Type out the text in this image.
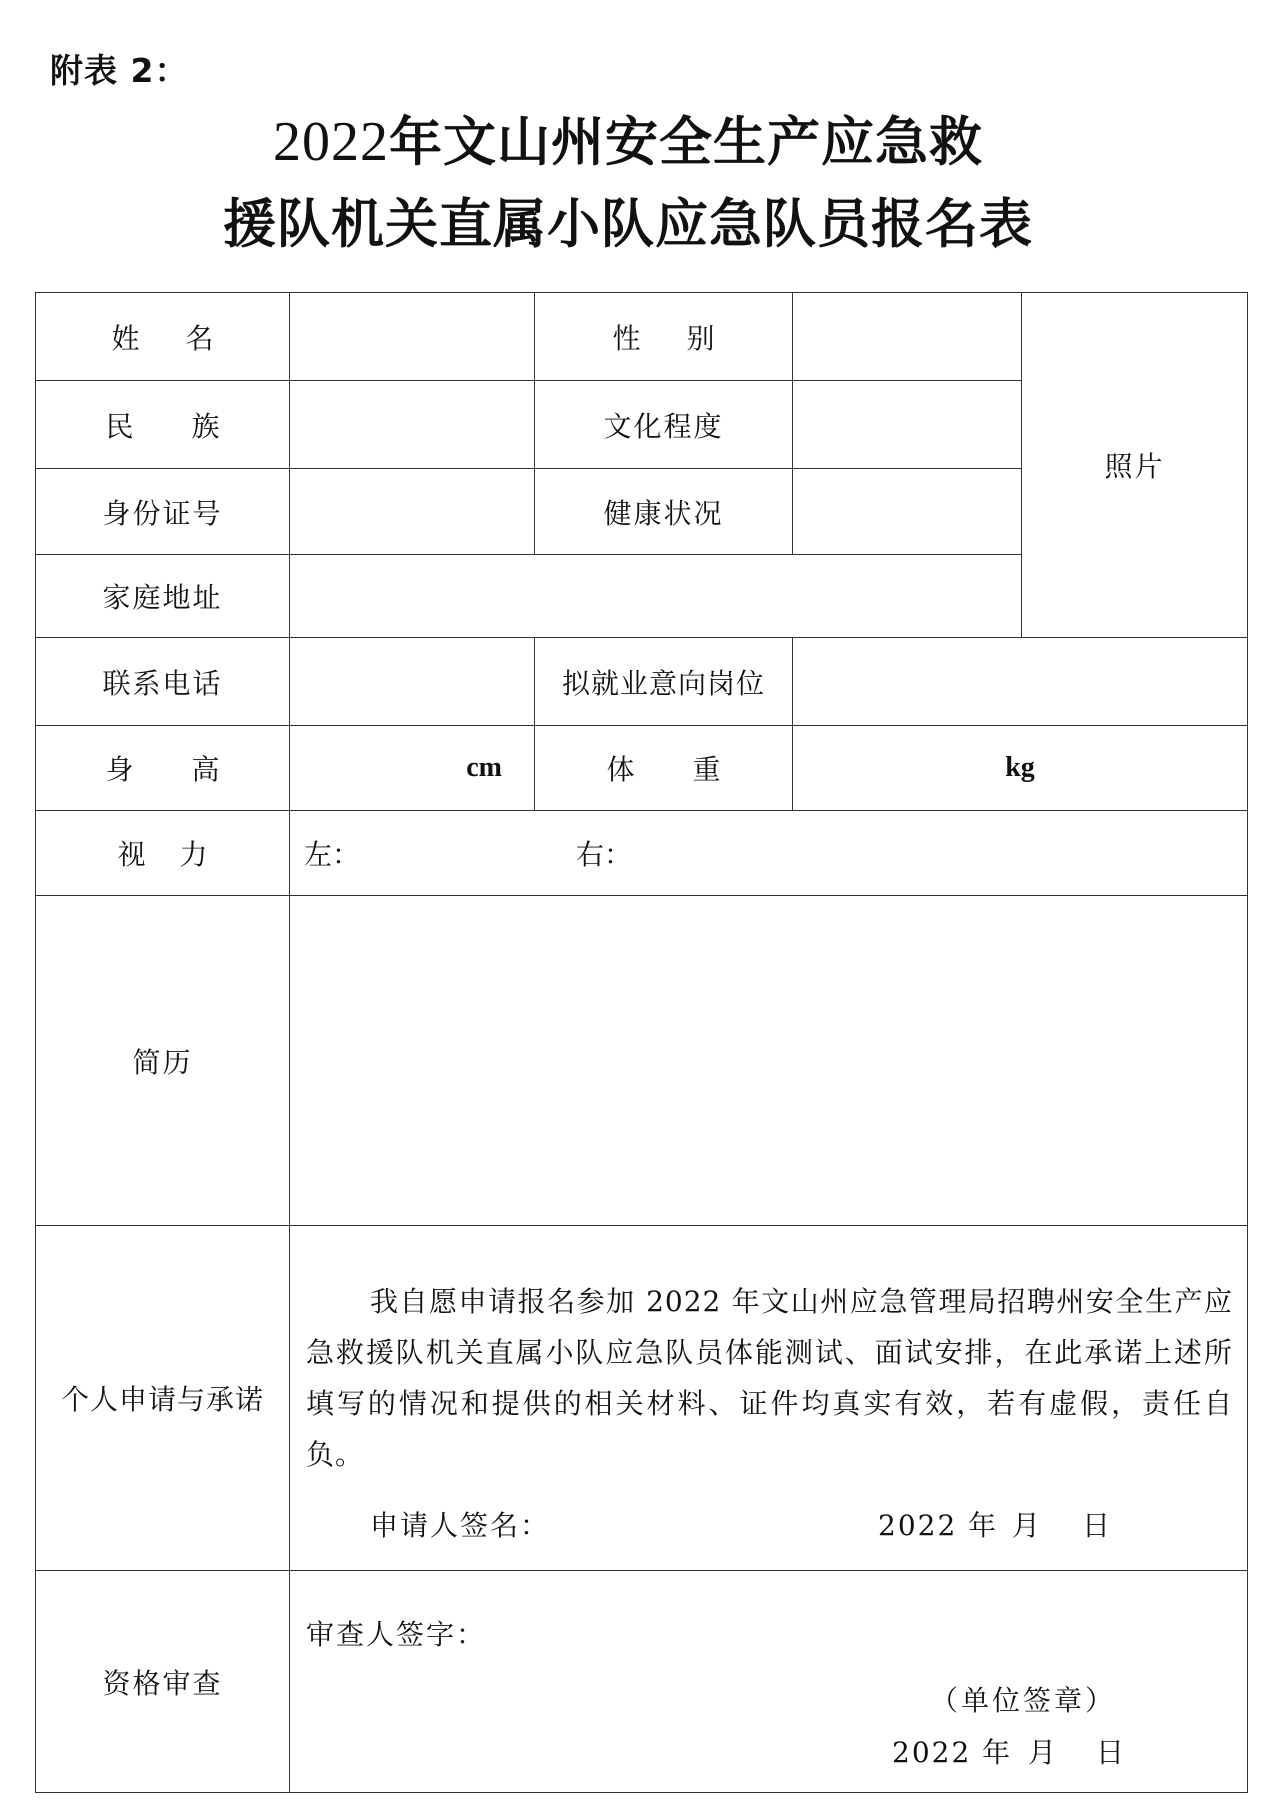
附表 2：
2022年文山州安全生产应急救
援队机关直属小队应急队员报名表
姓名		性别		照片
民族		文化程度		
身份证号		健康状况		
家庭地址				
联系电话		拟就业意向岗位		
身高	cm	体重	kg	
视力	左： 右：			

简历				
个人申请与承诺	我自愿申请报名参加 2022 年文山州应急管理局招聘州安全生产应急救援队机关直属小队应急队员体能测试、面试安排，在此承诺上述所填写的情况和提供的相关材料、证件均真实有效，若有虚假，责任自负。
申请人签名： 2022 年 月 日			

资格审查	审查人签字：
（单位签章）
2022 年 月 日			
